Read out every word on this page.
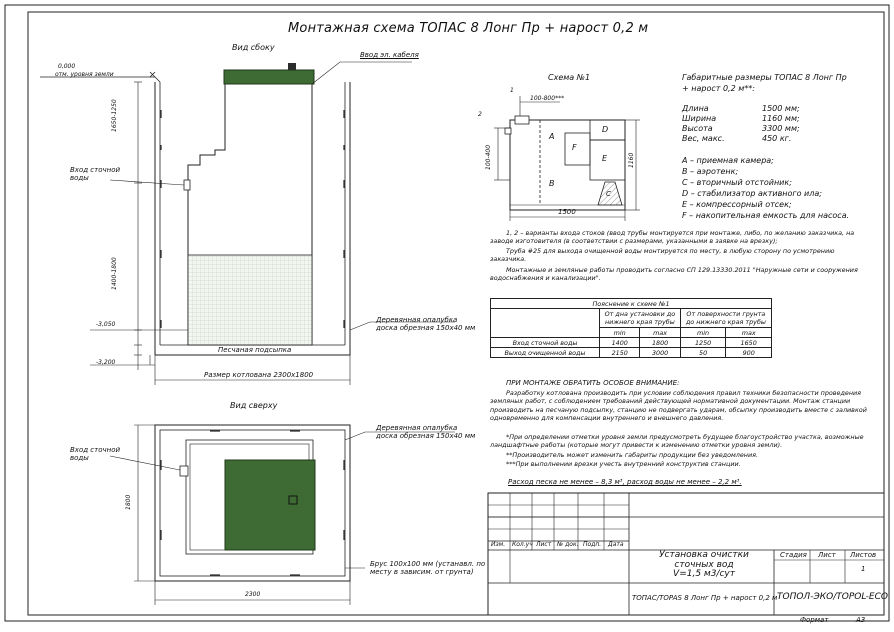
Монтажная схема ТОПАС 8 Лонг Пр + нарост 0,2 м
Вид сбоку
Ввод эл. кабеля
0,000
отм. уровня земли
Вход сточной
воды
1650-1250
1400-1800
-3,050
-3,200
Деревянная опалубка
доска обрезная 150х40 мм
Песчаная подсыпка
Размер котлована 2300х1800
Вид сверху
Деревянная опалубка
доска обрезная 150х40 мм
Вход сточной
воды
Брус 100х100 мм (устанавл. по
месту в зависим. от грунта)
2300
1800
Схема №1
100-800***
1
2
100-400
1500
1160
A
B
C
D
E
F
Габаритные размеры ТОПАС 8 Лонг Пр
+ нарост 0,2 м**:
Длина	1500 мм;
Ширина	1160 мм;
Высота	3300 мм;
Вес, макс.	450 кг.
A – приемная камера;
B – аэротенк;
C – вторичный отстойник;
D – стабилизатор активного ила;
E – компрессорный отсек;
F – накопительная емкость для насоса.
1, 2 – варианты входа стоков (ввод трубы монтируется при монтаже, либо, по желанию заказчика, на заводе изготовителя (в соответствии с размерами, указанными в заявке на врезку);
Труба #25 для выхода очищенной воды монтируется по месту, в любую сторону по усмотрению заказчика.
Монтажные и земляные работы проводить согласно СП 129.13330.2011 "Наружные сети и сооружения водоснабжения и канализации".
Пояснение к схеме №1				
	От дна установки до нижнего края трубы		От поверхности грунта до нижнего края трубы	
	min	max	min	max
Вход сточной воды	1400	1800	1250	1650
Выход очищенной воды	2150	3000	50	900
ПРИ МОНТАЖЕ ОБРАТИТЬ ОСОБОЕ ВНИМАНИЕ:
Разработку котлована производить при условии соблюдения правил техники безопасности проведения земляных работ, с соблюдением требований действующей нормативной документации. Монтаж станции производить на песчаную подсыпку, станцию не подвергать ударам, обсыпку производить вместе с заливкой одновременно для компенсации внутреннего и внешнего давления.
*При определении отметки уровня земли предусмотреть будущее благоустройство участка, возможные ландшафтные работы (которые могут привести к изменению отметки уровня земли).
**Производитель может изменить габариты продукции без уведомления.
***При выполнении врезки учесть внутренний конструктив станции.
Расход песка не менее – 8,3 м³, расход воды не менее – 2,2 м³.
Изм. Кол.уч Лист № док. Подп. Дата
Установка очистки
сточных вод
V=1,5 м3/сут
Стадия Лист Листов
1
ТОПАС/TOPAS 8 Лонг Пр + нарост 0,2 м ТОПОЛ-ЭКО/TOPOL-ECO
Формат	А3
